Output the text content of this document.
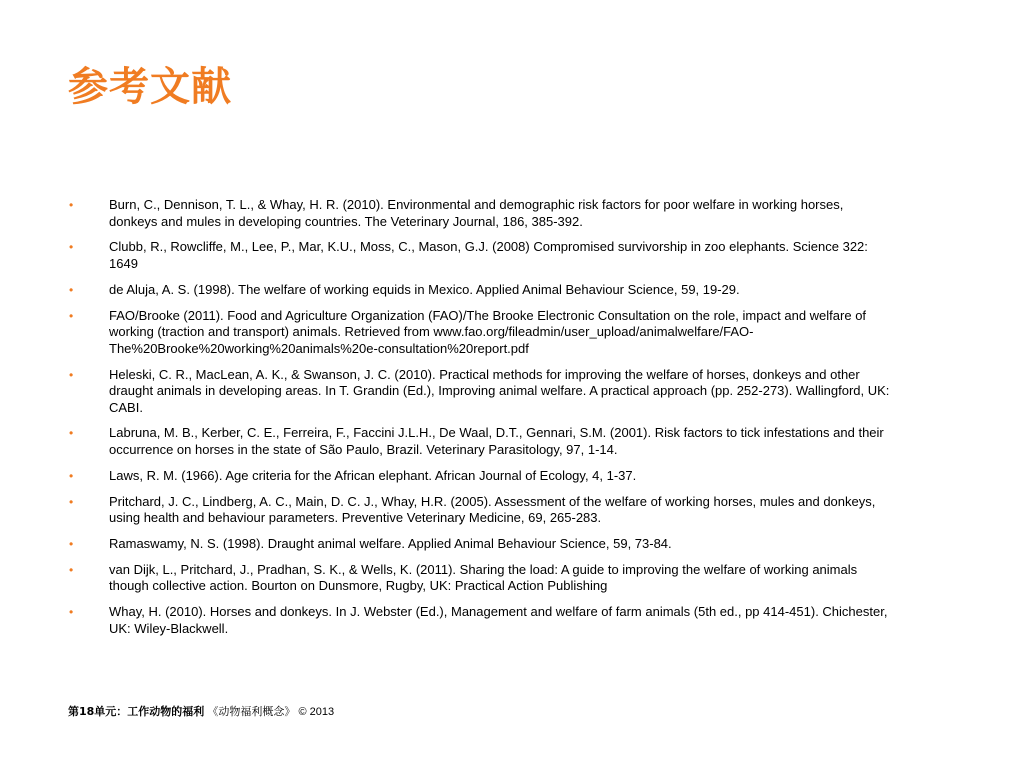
参考文献
•	Burn, C., Dennison, T. L., & Whay, H. R. (2010). Environmental and demographic risk factors for poor welfare in working horses,
donkeys and mules in developing countries. The Veterinary Journal, 186, 385-392.
•	Clubb, R., Rowcliffe, M., Lee, P., Mar, K.U., Moss, C., Mason, G.J. (2008) Compromised survivorship in zoo elephants. Science 322:
1649
•	de Aluja, A. S. (1998). The welfare of working equids in Mexico. Applied Animal Behaviour Science, 59, 19-29.
•	FAO/Brooke (2011). Food and Agriculture Organization (FAO)/The Brooke Electronic Consultation on the role, impact and welfare of
working (traction and transport) animals. Retrieved from www.fao.org/fileadmin/user_upload/animalwelfare/FAO-
The%20Brooke%20working%20animals%20e-consultation%20report.pdf
•	Heleski, C. R., MacLean, A. K., & Swanson, J. C. (2010). Practical methods for improving the welfare of horses, donkeys and other
draught animals in developing areas. In T. Grandin (Ed.), Improving animal welfare. A practical approach (pp. 252-273). Wallingford, UK:
CABI.
•	Labruna, M. B., Kerber, C. E., Ferreira, F., Faccini J.L.H., De Waal, D.T., Gennari, S.M. (2001). Risk factors to tick infestations and their
occurrence on horses in the state of São Paulo, Brazil. Veterinary Parasitology, 97, 1-14.
•	Laws, R. M. (1966). Age criteria for the African elephant. African Journal of Ecology, 4, 1-37.
•	Pritchard, J. C., Lindberg, A. C., Main, D. C. J., Whay, H.R. (2005). Assessment of the welfare of working horses, mules and donkeys,
using health and behaviour parameters. Preventive Veterinary Medicine, 69, 265-283.
•	Ramaswamy, N. S. (1998). Draught animal welfare. Applied Animal Behaviour Science, 59, 73-84.
•	van Dijk, L., Pritchard, J., Pradhan, S. K., & Wells, K. (2011). Sharing the load: A guide to improving the welfare of working animals
though collective action. Bourton on Dunsmore, Rugby, UK: Practical Action Publishing
•	Whay, H. (2010). Horses and donkeys. In J. Webster (Ed.), Management and welfare of farm animals (5th ed., pp 414-451). Chichester,
UK: Wiley-Blackwell.
第18单元：工作动物的福利 《动物福利概念》 © 2013
